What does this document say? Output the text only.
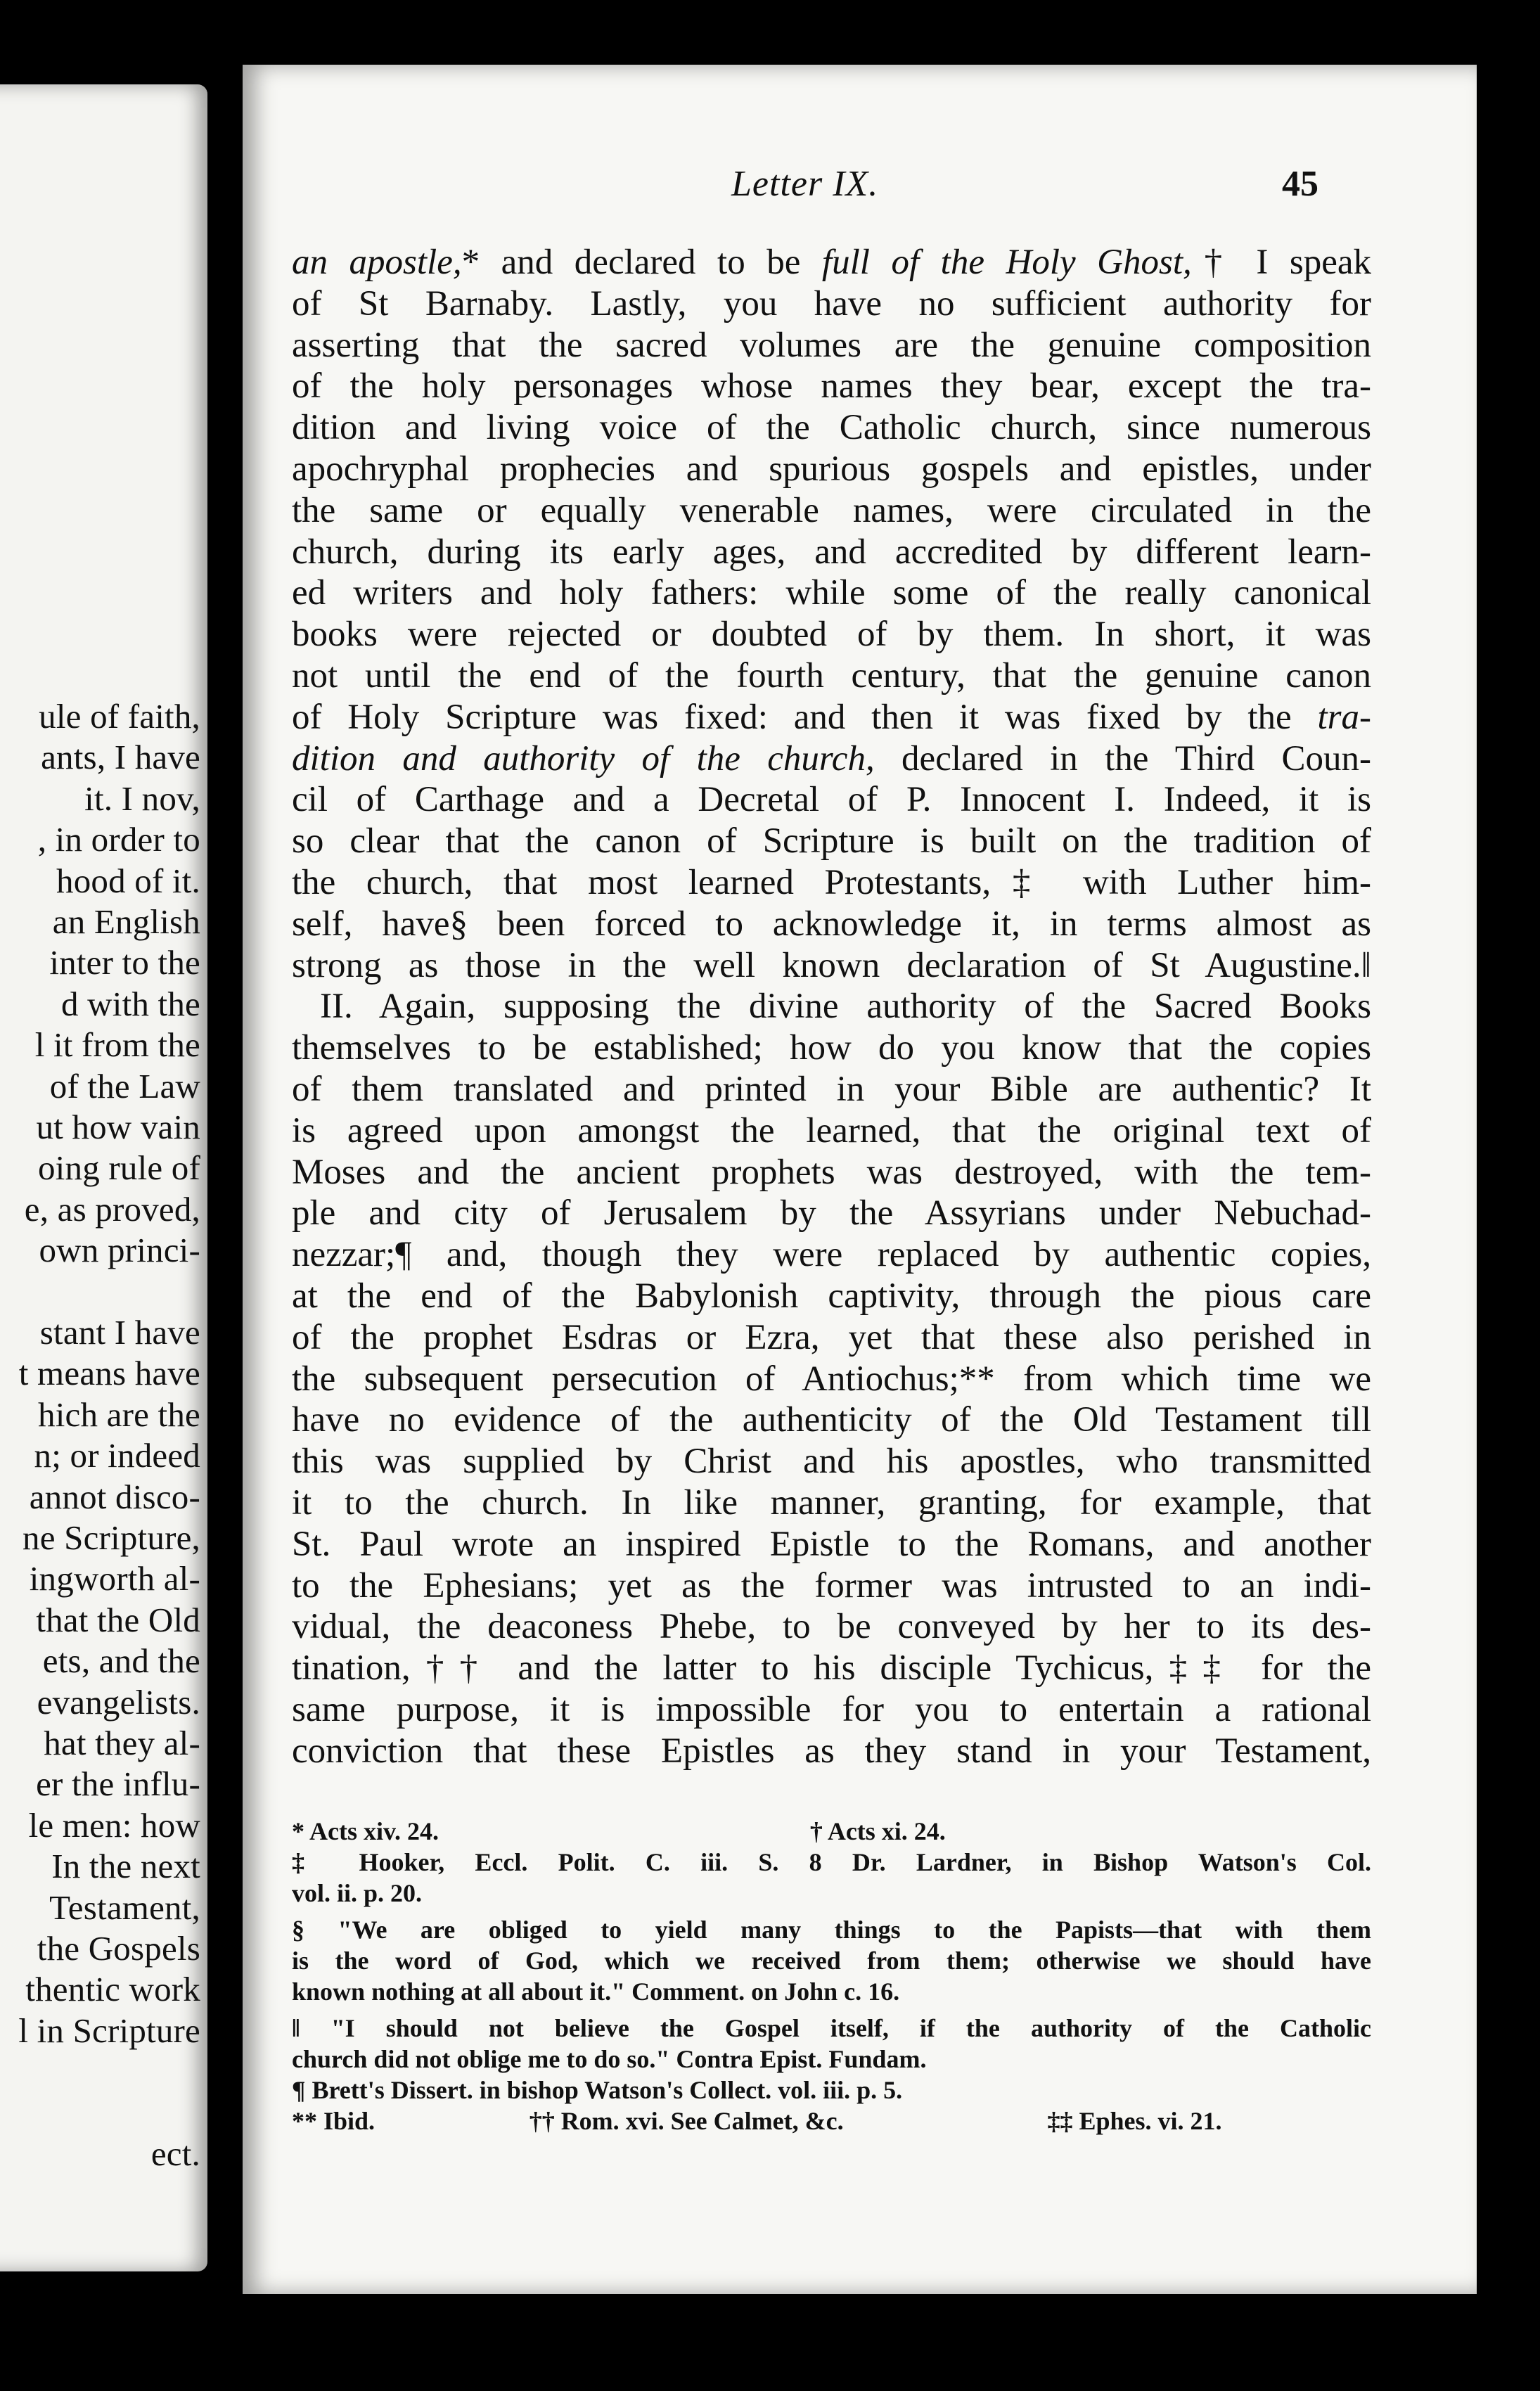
ule of faith,
ants, I have
it. I nov,
, in order to
hood of it.
an English
inter to the
d with the
l it from the
of the Law
ut how vain
oing rule of
e, as proved,
own princi-
stant I have
t means have
hich are the
n; or indeed
annot disco-
ne Scripture,
ingworth al-
that the Old
ets, and the
evangelists.
hat they al-
er the influ-
le men: how
In the next
Testament,
the Gospels
thentic work
l in Scripture
ect.
Letter IX.	45
an apostle,* and declared to be full of the Holy Ghost,† I speak
of St Barnaby. Lastly, you have no sufficient authority for
asserting that the sacred volumes are the genuine composition
of the holy personages whose names they bear, except the tra-
dition and living voice of the Catholic church, since numerous
apochryphal prophecies and spurious gospels and epistles, under
the same or equally venerable names, were circulated in the
church, during its early ages, and accredited by different learn-
ed writers and holy fathers: while some of the really canonical
books were rejected or doubted of by them. In short, it was
not until the end of the fourth century, that the genuine canon
of Holy Scripture was fixed: and then it was fixed by the tra-
dition and authority of the church, declared in the Third Coun-
cil of Carthage and a Decretal of P. Innocent I. Indeed, it is
so clear that the canon of Scripture is built on the tradition of
the church, that most learned Protestants,‡ with Luther him-
self, have§ been forced to acknowledge it, in terms almost as
strong as those in the well known declaration of St Augustine.‖
II. Again, supposing the divine authority of the Sacred Books
themselves to be established; how do you know that the copies
of them translated and printed in your Bible are authentic? It
is agreed upon amongst the learned, that the original text of
Moses and the ancient prophets was destroyed, with the tem-
ple and city of Jerusalem by the Assyrians under Nebuchad-
nezzar;¶ and, though they were replaced by authentic copies,
at the end of the Babylonish captivity, through the pious care
of the prophet Esdras or Ezra, yet that these also perished in
the subsequent persecution of Antiochus;** from which time we
have no evidence of the authenticity of the Old Testament till
this was supplied by Christ and his apostles, who transmitted
it to the church. In like manner, granting, for example, that
St. Paul wrote an inspired Epistle to the Romans, and another
to the Ephesians; yet as the former was intrusted to an indi-
vidual, the deaconess Phebe, to be conveyed by her to its des-
tination,†† and the latter to his disciple Tychicus,‡‡ for the
same purpose, it is impossible for you to entertain a rational
conviction that these Epistles as they stand in your Testament,
* Acts xiv. 24.	† Acts xi. 24.
‡ Hooker, Eccl. Polit. C. iii. S. 8 Dr. Lardner, in Bishop Watson's Col.
vol. ii. p. 20.
§ "We are obliged to yield many things to the Papists—that with them
is the word of God, which we received from them; otherwise we should have
known nothing at all about it." Comment. on John c. 16.
‖ "I should not believe the Gospel itself, if the authority of the Catholic
church did not oblige me to do so." Contra Epist. Fundam.
¶ Brett's Dissert. in bishop Watson's Collect. vol. iii. p. 5.
** Ibid.	†† Rom. xvi. See Calmet, &c.	‡‡ Ephes. vi. 21.
